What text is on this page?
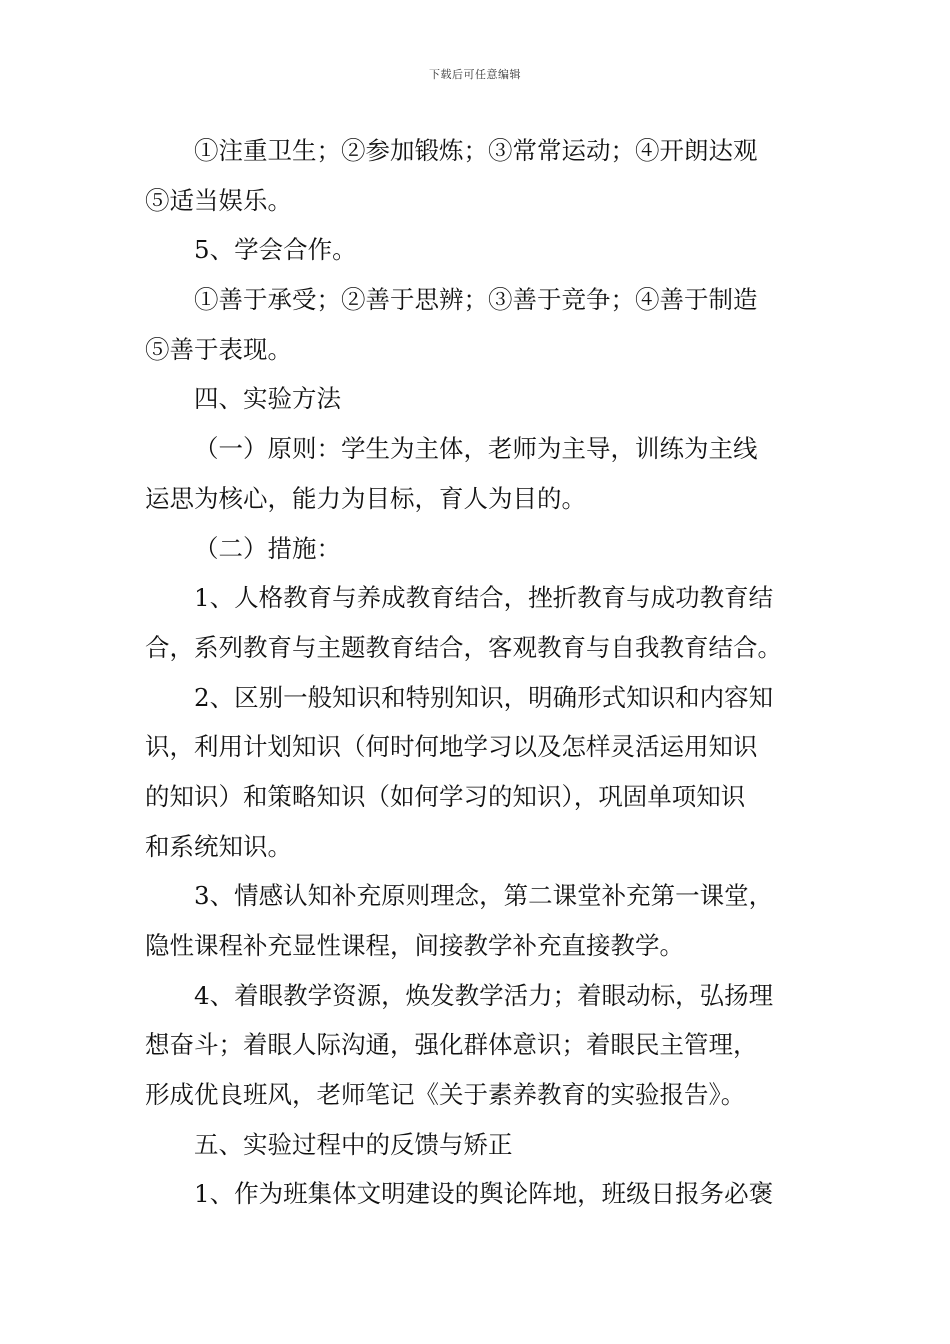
下载后可任意编辑
①注重卫生；②参加锻炼；③常常运动；④开朗达观
⑤适当娱乐。
5、学会合作。
①善于承受；②善于思辨；③善于竞争；④善于制造
⑤善于表现。
四、实验方法
（一）原则：学生为主体，老师为主导，训练为主线
运思为核心，能力为目标，育人为目的。
（二）措施：
1、人格教育与养成教育结合，挫折教育与成功教育结
合，系列教育与主题教育结合，客观教育与自我教育结合。
2、区别一般知识和特别知识，明确形式知识和内容知
识，利用计划知识（何时何地学习以及怎样灵活运用知识
的知识）和策略知识（如何学习的知识），巩固单项知识
和系统知识。
3、情感认知补充原则理念，第二课堂补充第一课堂，
隐性课程补充显性课程，间接教学补充直接教学。
4、着眼教学资源，焕发教学活力；着眼动标，弘扬理
想奋斗；着眼人际沟通，强化群体意识；着眼民主管理，
形成优良班风，老师笔记《关于素养教育的实验报告》。
五、实验过程中的反馈与矫正
1、作为班集体文明建设的舆论阵地，班级日报务必褒
